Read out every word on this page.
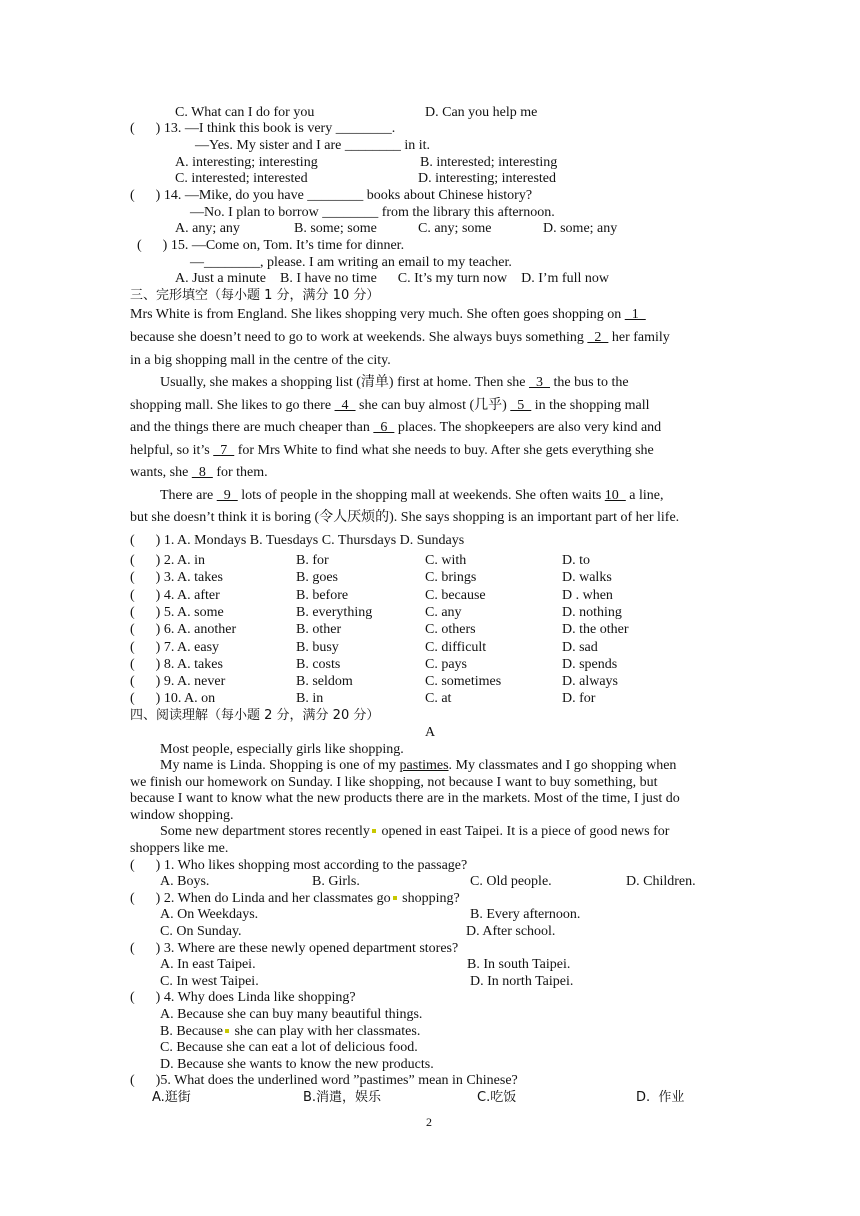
C. What can I do for you	D. Can you help me
(      ) 13. —I think this book is very ________.
—Yes. My sister and I are ________ in it.
A. interesting; interesting	B. interested; interesting
C. interested; interested	D. interesting; interested
(      ) 14. —Mike, do you have ________ books about Chinese history?
—No. I plan to borrow ________ from the library this afternoon.
A. any; any	B. some; some	C. any; some	D. some; any
(      ) 15. —Come on, Tom. It’s time for dinner.
—________, please. I am writing an email to my teacher.
A. Just a minute    B. I have no time      C. It’s my turn now    D. I’m full now
三、完形填空（每小题 1 分，满分 10 分）
Mrs White is from England. She likes shopping very much. She often goes shopping on   1
because she doesn’t need to go to work at weekends. She always buys something   2   her family
in a big shopping mall in the centre of the city.
Usually, she makes a shopping list (清单) first at home. Then she   3   the bus to the
shopping mall. She likes to go there   4   she can buy almost (几乎)   5   in the shopping mall
and the things there are much cheaper than   6   places. The shopkeepers are also very kind and
helpful, so it’s   7   for Mrs White to find what she needs to buy. After she gets everything she
wants, she   8   for them.
There are   9   lots of people in the shopping mall at weekends. She often waits 10   a line,
but she doesn’t think it is boring (令人厌烦的). She says shopping is an important part of her life.
(      ) 1. A. Mondays B. Tuesdays C. Thursdays D. Sundays
(      ) 2. A. in	B. for	C. with	D. to
(      ) 3. A. takes	B. goes	C. brings	D. walks
(      ) 4. A. after	B. before	C. because	D . when
(      ) 5. A. some	B. everything	C. any	D. nothing
(      ) 6. A. another	B. other	C. others	D. the other
(      ) 7. A. easy	B. busy	C. difficult	D. sad
(      ) 8. A. takes	B. costs	C. pays	D. spends
(      ) 9. A. never	B. seldom	C. sometimes	D. always
(      ) 10. A. on	B. in	C. at	D. for
四、阅读理解（每小题 2 分，满分 20 分）
A
Most people, especially girls like shopping.
My name is Linda. Shopping is one of my pastimes. My classmates and I go shopping when
we finish our homework on Sunday. I like shopping, not because I want to buy something, but
because I want to know what the new products there are in the markets. Most of the time, I just do
window shopping.
Some new department stores recently opened in east Taipei. It is a piece of good news for
shoppers like me.
(      ) 1. Who likes shopping most according to the passage?
A. Boys.	B. Girls.	C. Old people.	D. Children.
(      ) 2. When do Linda and her classmates go shopping?
A. On Weekdays.	B. Every afternoon.
C. On Sunday.	D. After school.
(      ) 3. Where are these newly opened department stores?
A. In east Taipei.	B. In south Taipei.
C. In west Taipei.	D. In north Taipei.
(      ) 4. Why does Linda like shopping?
A. Because she can buy many beautiful things.
B. Because she can play with her classmates.
C. Because she can eat a lot of delicious food.
D. Because she wants to know the new products.
(      )5. What does the underlined word ”pastimes” mean in Chinese?
A.逛街	B.消遣，娱乐	C.吃饭	D.  作业
2
